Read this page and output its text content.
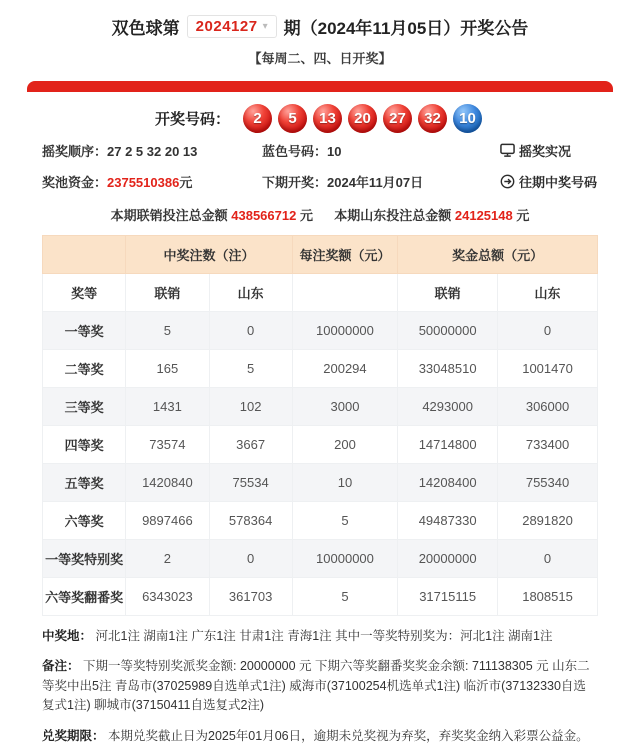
双色球第 2024127 ▾ 期（2024年11月05日）开奖公告
【每周二、四、日开奖】
开奖号码：	2 5 13 20 27 32 10
摇奖顺序：27 2 5 32 20 13	蓝色号码：10	摇奖实况
奖池资金：2375510386元	下期开奖：2024年11月07日	往期中奖号码
本期联销投注总金额 438566712 元 本期山东投注总金额 24125148 元
	中奖注数（注）		每注奖额（元）	奖金总额（元）	
奖等	联销	山东		联销	山东
一等奖	5	0	10000000	50000000	0
二等奖	165	5	200294	33048510	1001470
三等奖	1431	102	3000	4293000	306000
四等奖	73574	3667	200	14714800	733400
五等奖	1420840	75534	10	14208400	755340
六等奖	9897466	578364	5	49487330	2891820
一等奖特别奖	2	0	10000000	20000000	0
六等奖翻番奖	6343023	361703	5	31715115	1808515

中奖地： 河北1注 湖南1注 广东1注 甘肃1注 青海1注 其中一等奖特别奖为：河北1注 湖南1注

备注： 下期一等奖特别奖派奖金额: 20000000 元 下期六等奖翻番奖奖金余额: 711138305 元 山东二等奖中出5注 青岛市(37025989自选单式1注) 威海市(37100254机选单式1注) 临沂市(37132330自选复式1注) 聊城市(37150411自选复式2注)

兑奖期限： 本期兑奖截止日为2025年01月06日，逾期未兑奖视为弃奖，弃奖奖金纳入彩票公益金。
